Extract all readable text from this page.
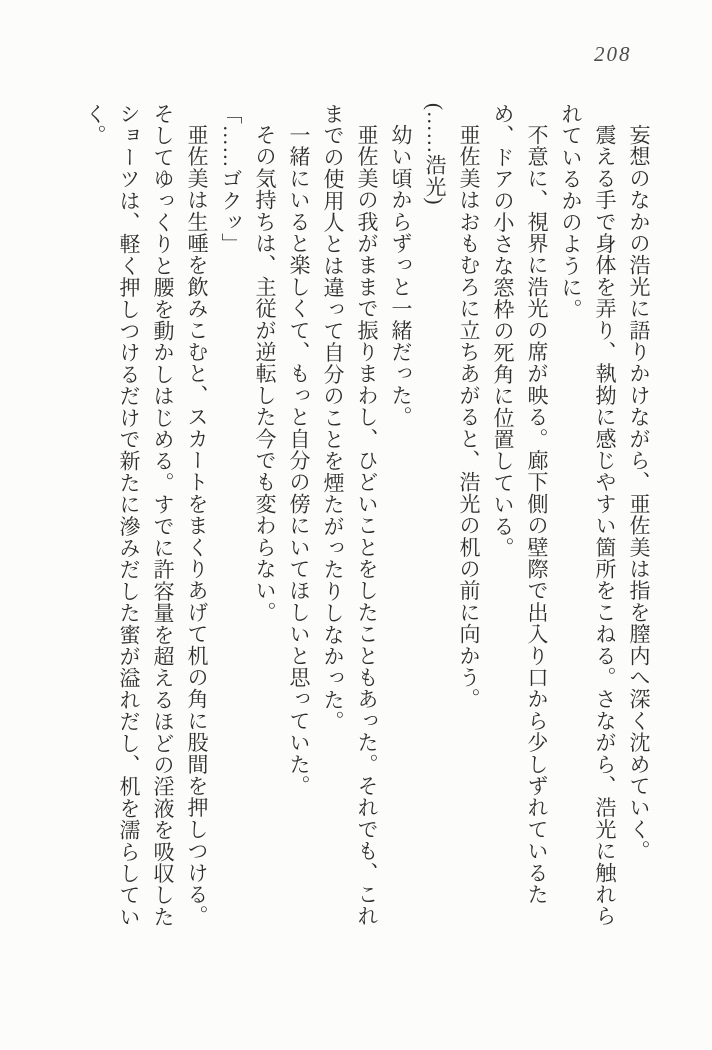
208

妄想のなかの浩光に語りかけながら、亜佐美は指を膣内へ深く沈めていく。

震える手で身体を弄り、執拗に感じやすい箇所をこねる。さながら、浩光に触れられているかのように。

不意に、視界に浩光の席が映る。廊下側の壁際で出入り口から少しずれているため、ドアの小さな窓枠の死角に位置している。

亜佐美はおもむろに立ちあがると、浩光の机の前に向かう。

(……浩光)

幼い頃からずっと一緒だった。

亜佐美の我がままで振りまわし、ひどいことをしたこともあった。それでも、これまでの使用人とは違って自分のことを煙たがったりしなかった。

一緒にいると楽しくて、もっと自分の傍にいてほしいと思っていた。

その気持ちは、主従が逆転した今でも変わらない。

「……ゴクッ」

亜佐美は生唾を飲みこむと、スカートをまくりあげて机の角に股間を押しつける。そしてゆっくりと腰を動かしはじめる。すでに許容量を超えるほどの淫液を吸収したショーツは、軽く押しつけるだけで新たに滲みだした蜜が溢れだし、机を濡らしていく。
